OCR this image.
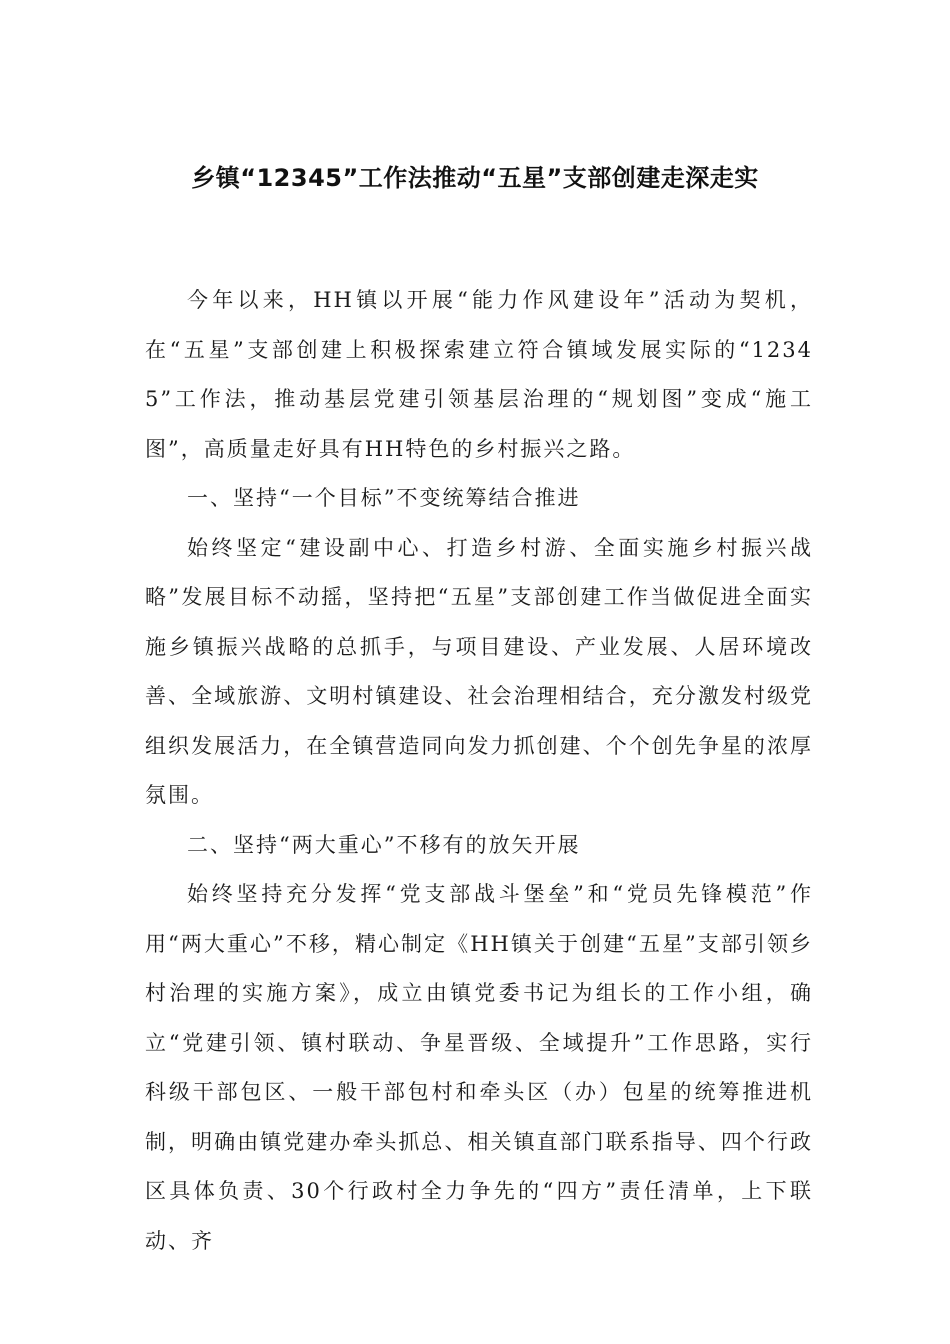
乡镇“12345”工作法推动“五星”支部创建走深走实

今年以来，HH镇以开展“能力作风建设年”活动为契机，在“五星”支部创建上积极探索建立符合镇域发展实际的“12345”工作法，推动基层党建引领基层治理的“规划图”变成“施工图”，高质量走好具有HH特色的乡村振兴之路。

一、坚持“一个目标”不变统筹结合推进

始终坚定“建设副中心、打造乡村游、全面实施乡村振兴战略”发展目标不动摇，坚持把“五星”支部创建工作当做促进全面实施乡镇振兴战略的总抓手，与项目建设、产业发展、人居环境改善、全域旅游、文明村镇建设、社会治理相结合，充分激发村级党组织发展活力，在全镇营造同向发力抓创建、个个创先争星的浓厚氛围。

二、坚持“两大重心”不移有的放矢开展

始终坚持充分发挥“党支部战斗堡垒”和“党员先锋模范”作用“两大重心”不移，精心制定《HH镇关于创建“五星”支部引领乡村治理的实施方案》，成立由镇党委书记为组长的工作小组，确立“党建引领、镇村联动、争星晋级、全域提升”工作思路，实行科级干部包区、一般干部包村和牵头区（办）包星的统筹推进机制，明确由镇党建办牵头抓总、相关镇直部门联系指导、四个行政区具体负责、30个行政村全力争先的“四方”责任清单，上下联动、齐
